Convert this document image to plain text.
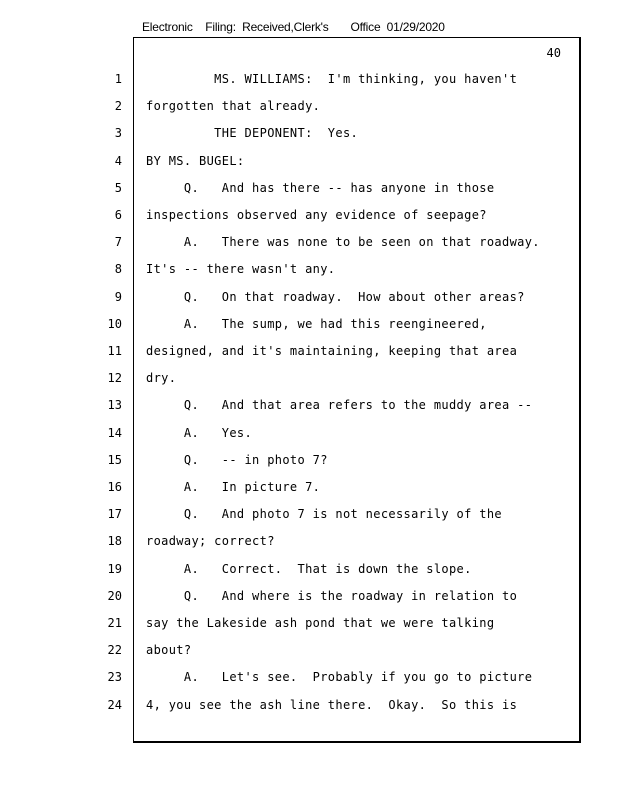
Electronic    Filing:  Received,Clerk's       Office  01/29/2020
40
1 MS. WILLIAMS:  I'm thinking, you haven't
2 forgotten that already.
3 THE DEPONENT:  Yes.
4 BY MS. BUGEL:
5 Q.   And has there -- has anyone in those
6 inspections observed any evidence of seepage?
7 A.   There was none to be seen on that roadway.
8 It's -- there wasn't any.
9 Q.   On that roadway.  How about other areas?
10 A.   The sump, we had this reengineered,
11 designed, and it's maintaining, keeping that area
12 dry.
13 Q.   And that area refers to the muddy area --
14 A.   Yes.
15 Q.   -- in photo 7?
16 A.   In picture 7.
17 Q.   And photo 7 is not necessarily of the
18 roadway; correct?
19 A.   Correct.  That is down the slope.
20 Q.   And where is the roadway in relation to
21 say the Lakeside ash pond that we were talking
22 about?
23 A.   Let's see.  Probably if you go to picture
24 4, you see the ash line there.  Okay.  So this is
